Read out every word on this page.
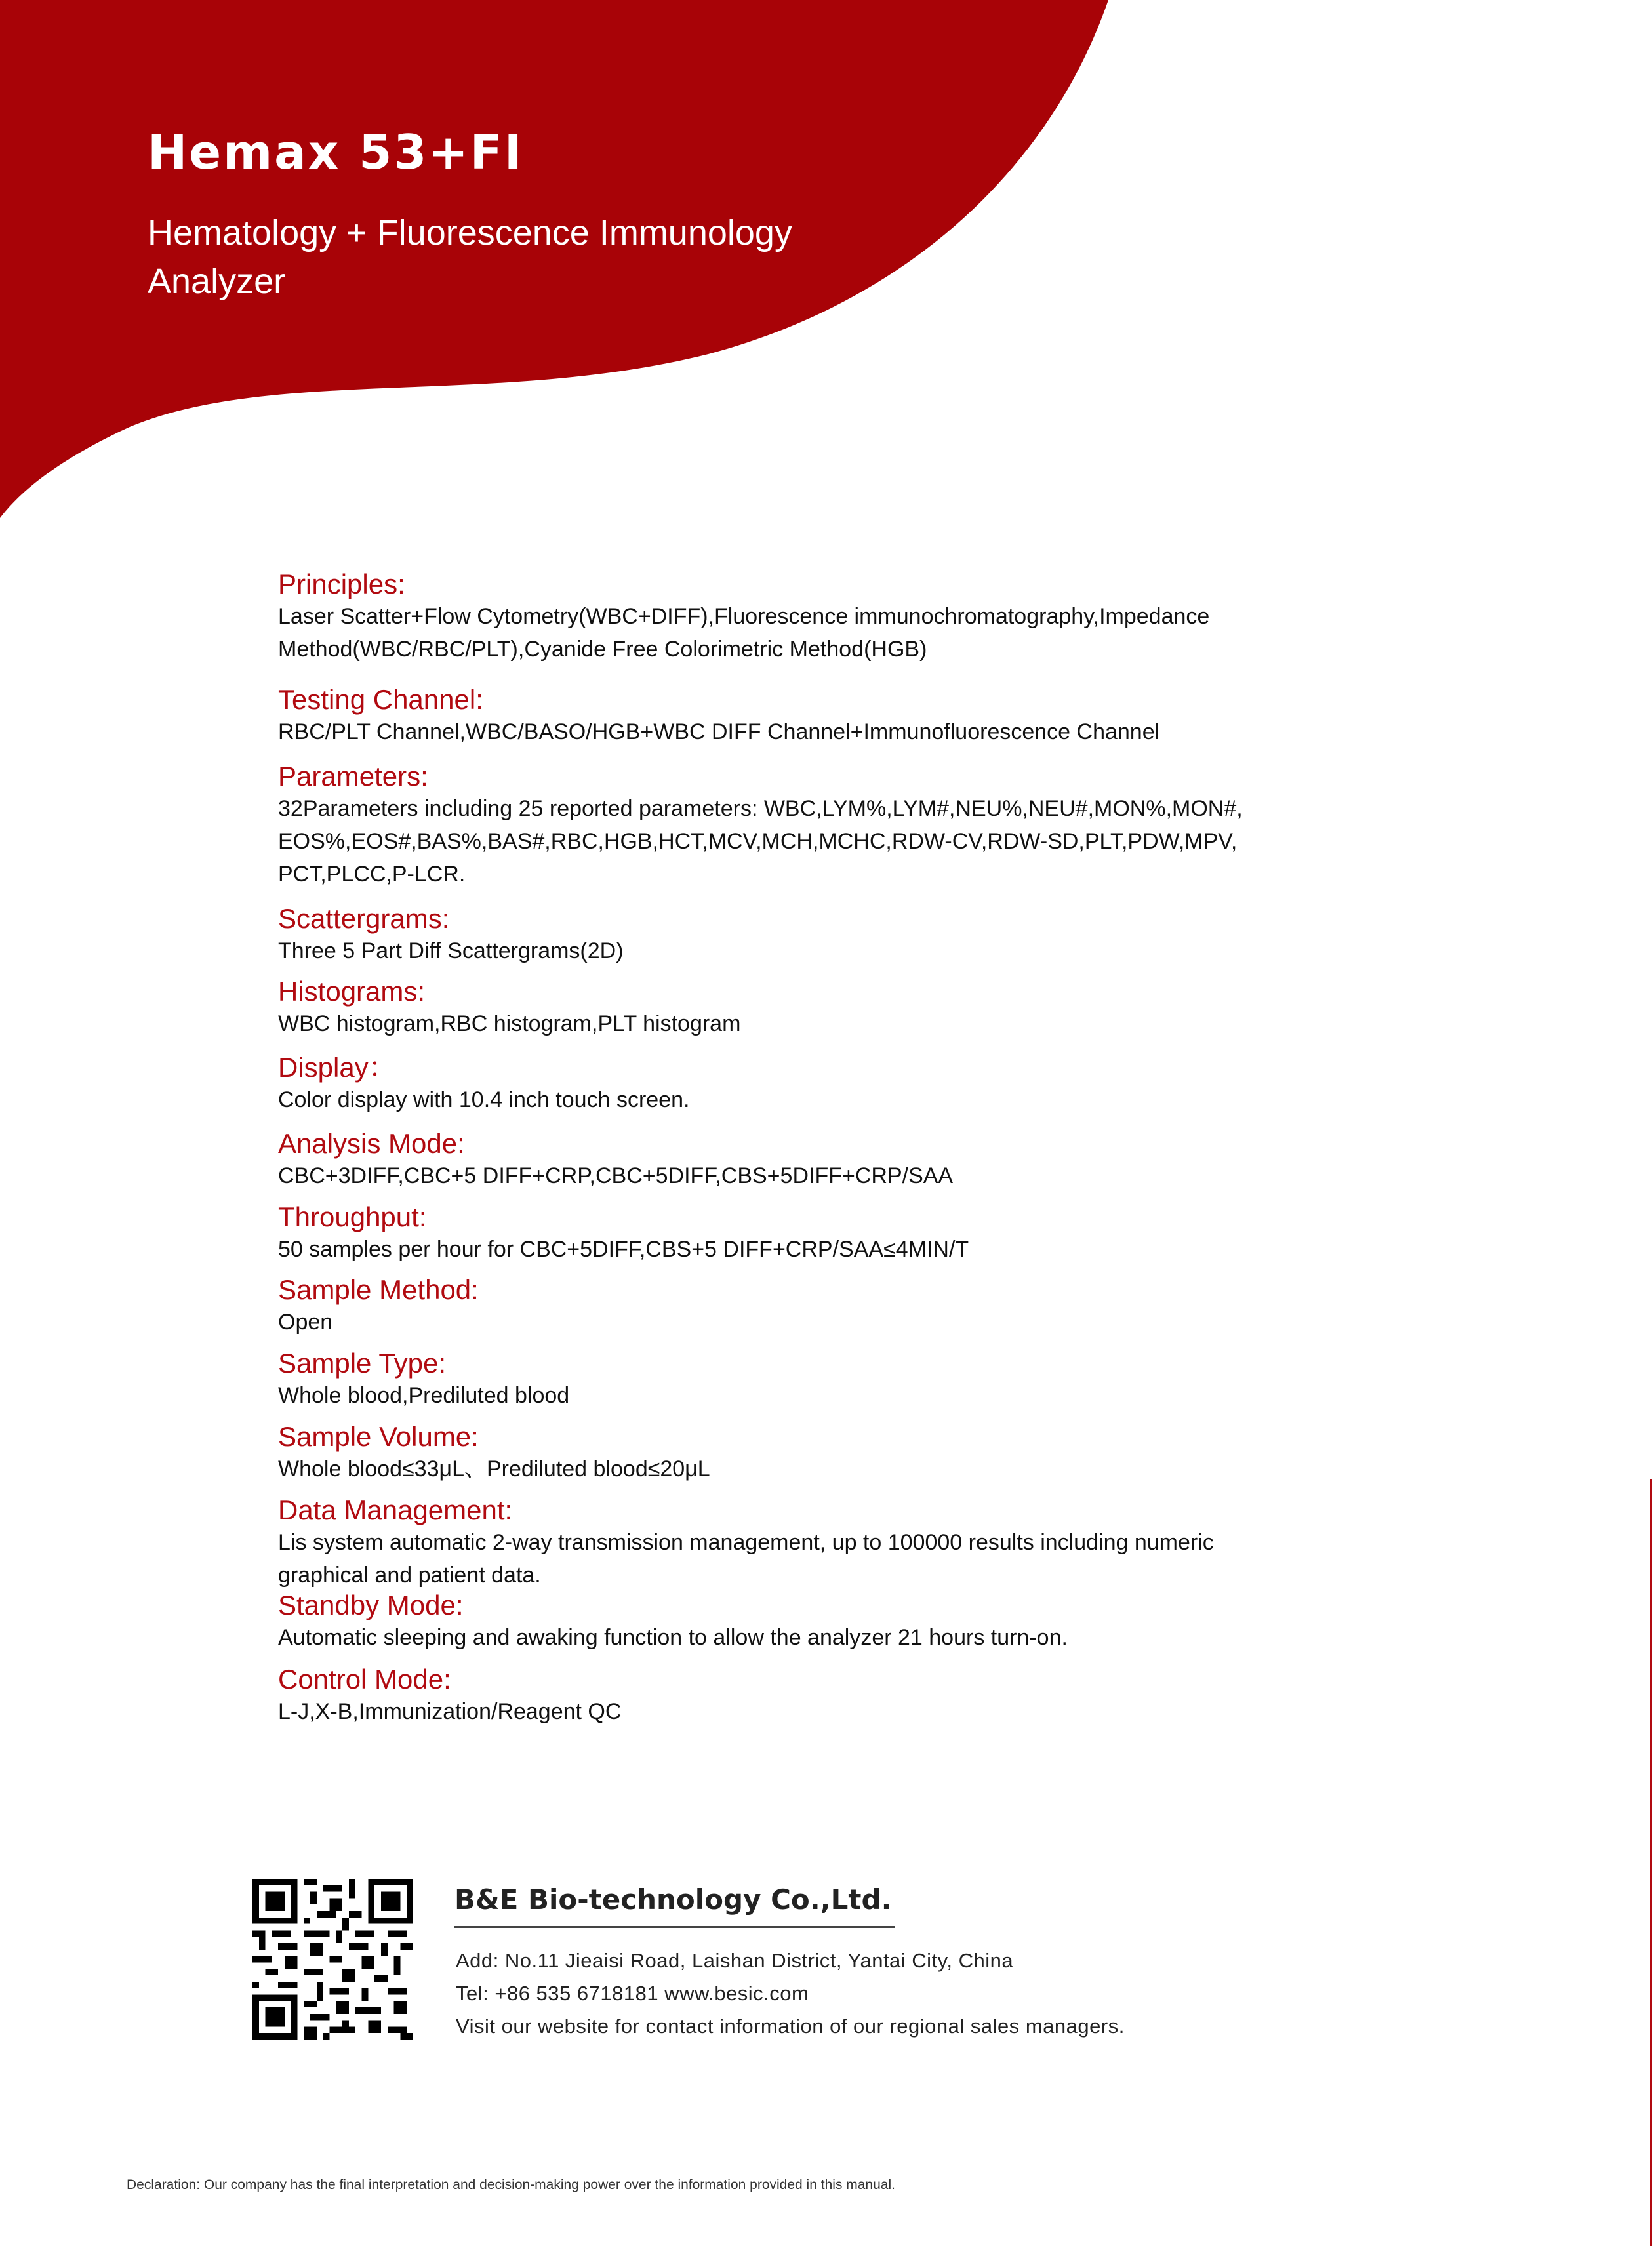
Hemax 53+FI
Hematology + Fluorescence Immunology
Analyzer
Principles:
Laser Scatter+Flow Cytometry(WBC+DIFF),Fluorescence immunochromatography,Impedance
Method(WBC/RBC/PLT),Cyanide Free Colorimetric Method(HGB)
Testing Channel:
RBC/PLT Channel,WBC/BASO/HGB+WBC DIFF Channel+Immunofluorescence Channel
Parameters:
32Parameters including 25 reported parameters: WBC,LYM%,LYM#,NEU%,NEU#,MON%,MON#,
EOS%,EOS#,BAS%,BAS#,RBC,HGB,HCT,MCV,MCH,MCHC,RDW-CV,RDW-SD,PLT,PDW,MPV,
PCT,PLCC,P-LCR.
Scattergrams:
Three 5 Part Diff Scattergrams(2D)
Histograms:
WBC histogram,RBC histogram,PLT histogram
Display：
Color display with 10.4 inch touch screen.
Analysis Mode:
CBC+3DIFF,CBC+5 DIFF+CRP,CBC+5DIFF,CBS+5DIFF+CRP/SAA
Throughput:
50 samples per hour for CBC+5DIFF,CBS+5 DIFF+CRP/SAA≤4MIN/T
Sample Method:
Open
Sample Type:
Whole blood,Prediluted blood
Sample Volume:
Whole blood≤33μL、Prediluted blood≤20μL
Data Management:
Lis system automatic 2-way transmission management, up to 100000 results including numeric
graphical and patient data.
Standby Mode:
Automatic sleeping and awaking function to allow the analyzer 21 hours turn-on.
Control Mode:
L-J,X-B,Immunization/Reagent QC
B&E Bio-technology Co.,Ltd.
Add: No.11 Jieaisi Road, Laishan District, Yantai City, China
Tel: +86 535 6718181 www.besic.com
Visit our website for contact information of our regional sales managers.
Declaration: Our company has the final interpretation and decision-making power over the information provided in this manual.
